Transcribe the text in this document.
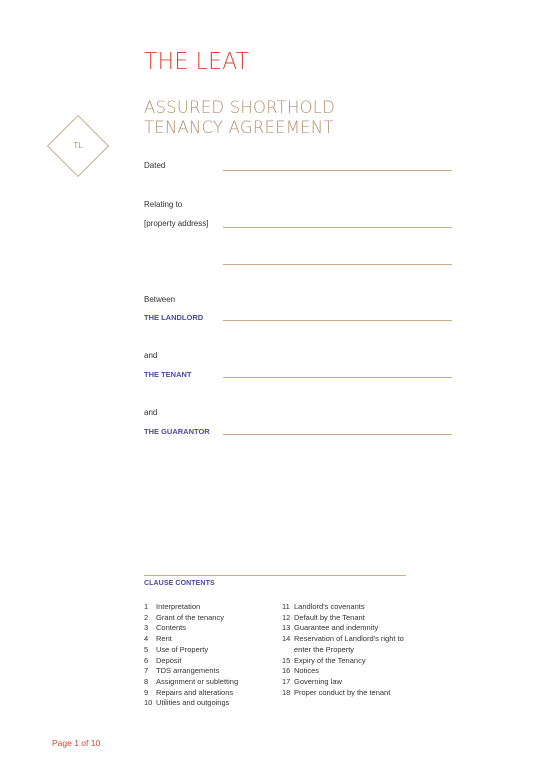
THE LEAT
ASSURED SHORTHOLD
TENANCY AGREEMENT
TL
Dated
Relating to
[property address]
Between
THE LANDLORD
and
THE TENANT
and
THE GUARANTOR
CLAUSE CONTENTS
1	Interpretation
2	Grant of the tenancy
3	Contents
4	Rent
5	Use of Property
6	Deposit
7	TDS arrangements
8	Assignment or subletting
9	Repairs and alterations
10 Utilities and outgoings
11 Landlord's covenants
12 Default by the Tenant
13 Guarantee and indemnity
14 Reservation of Landlord's right to enter the Property
15 Expiry of the Tenancy
16 Notices
17 Governing law
18 Proper conduct by the tenant
Page 1 of 10
